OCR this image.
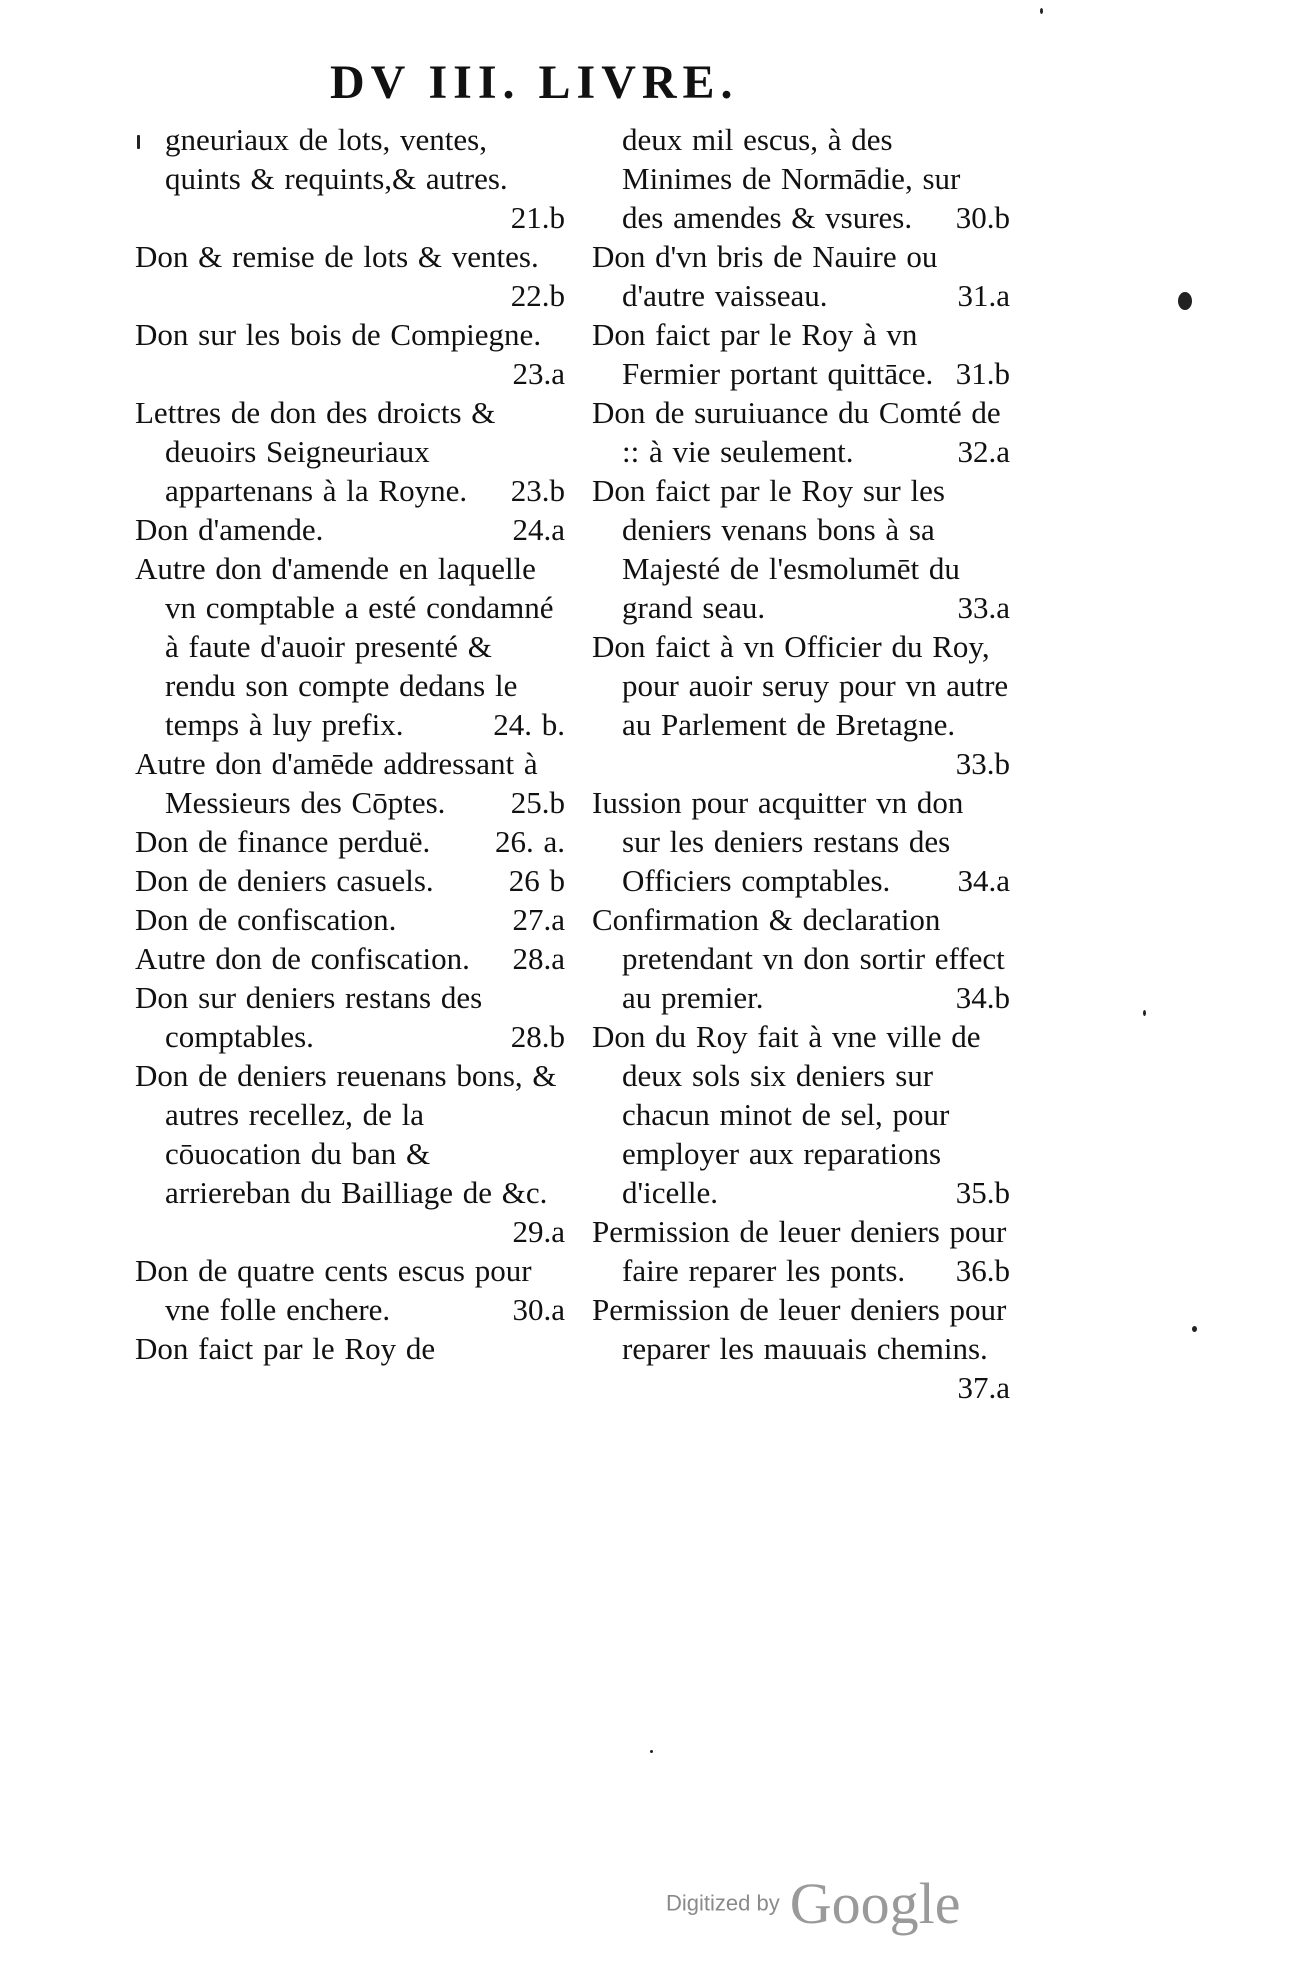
DV III. LIVRE.
gneuriaux de lots, ventes, quints & requints,& autres.
21.b
Don & remise de lots & ventes.
22.b
Don sur les bois de Compiegne.
23.a
Lettres de don des droicts & deuoirs Seigneuriaux appartenans à la Royne.	23.b
Don d'amende.	24.a
Autre don d'amende en laquelle vn comptable a esté condamné à faute d'auoir presenté & rendu son compte dedans le temps à luy prefix.	24. b.
Autre don d'amēde addressant à Messieurs des Cōptes.	25.b
Don de finance perduë.	26. a.
Don de deniers casuels.	26 b
Don de confiscation.	27.a
Autre don de confiscation.	28.a
Don sur deniers restans des comptables.	28.b
Don de deniers reuenans bons, & autres recellez, de la cōuocation du ban & arriereban du Bailliage de &c.
29.a
Don de quatre cents escus pour vne folle enchere.	30.a
Don faict par le Roy de
deux mil escus, à des Minimes de Normādie, sur des amendes & vsures.	30.b
Don d'vn bris de Nauire ou d'autre vaisseau.	31.a
Don faict par le Roy à vn Fermier portant quittāce. 31.b
Don de suruiuance du Comté de :: à vie seulement.	32.a
Don faict par le Roy sur les deniers venans bons à sa Majesté de l'esmolumēt du grand seau.	33.a
Don faict à vn Officier du Roy, pour auoir seruy pour vn autre au Parlement de Bretagne.
33.b
Iussion pour acquitter vn don sur les deniers restans des Officiers comptables.	34.a
Confirmation & declaration pretendant vn don sortir effect au premier.	34.b
Don du Roy fait à vne ville de deux sols six deniers sur chacun minot de sel, pour employer aux reparations d'icelle.	35.b
Permission de leuer deniers pour faire reparer les ponts.	36.b
Permission de leuer deniers pour reparer les mauuais chemins.
37.a
Digitized by Google
